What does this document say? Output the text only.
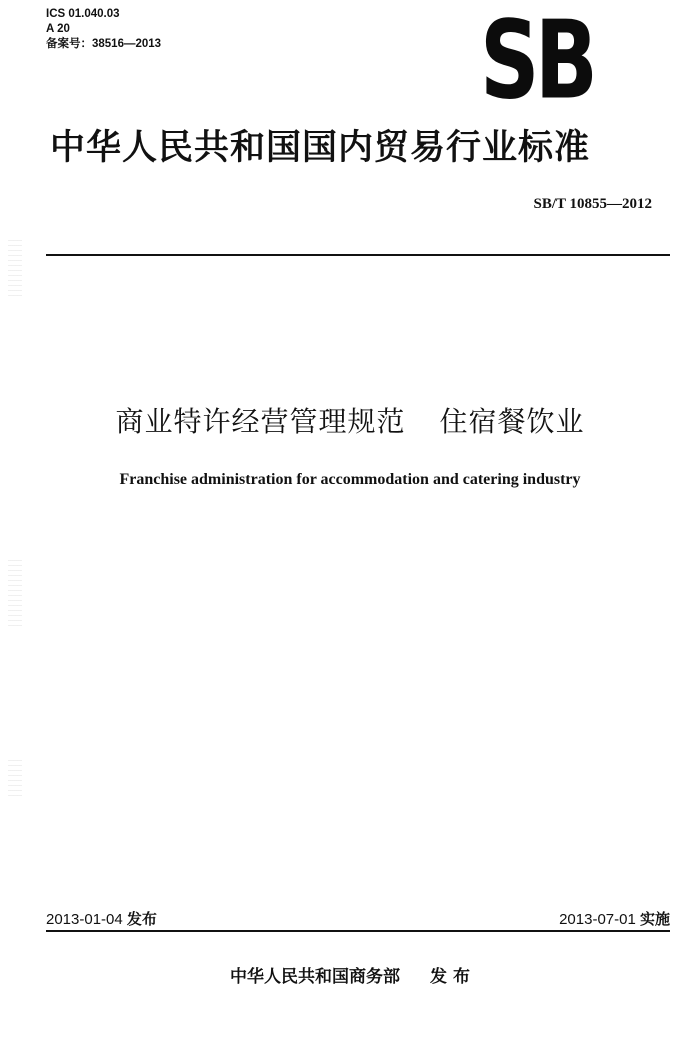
ICS 01.040.03
A 20
备案号：38516—2013	SB
中华人民共和国国内贸易行业标准
SB/T 10855—2012
商业特许经营管理规范 住宿餐饮业
Franchise administration for accommodation and catering industry
2013-01-04 发布	2013-07-01 实施
中华人民共和国商务部 发 布
